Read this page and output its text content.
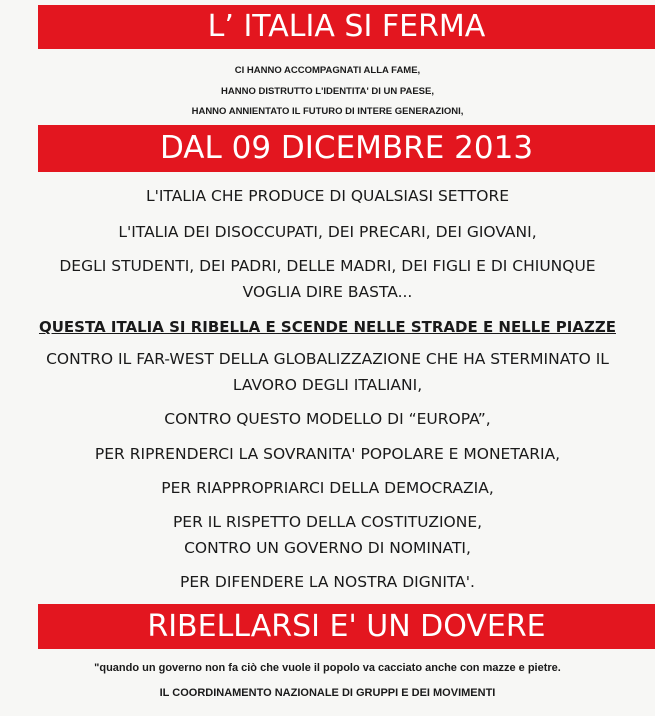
L’ ITALIA SI FERMA
CI HANNO ACCOMPAGNATI ALLA FAME,
HANNO DISTRUTTO L'IDENTITA' DI UN PAESE,
HANNO ANNIENTATO IL FUTURO DI INTERE GENERAZIONI,
DAL 09 DICEMBRE 2013
L'ITALIA CHE PRODUCE DI QUALSIASI SETTORE
L'ITALIA DEI DISOCCUPATI, DEI PRECARI, DEI GIOVANI,
DEGLI STUDENTI, DEI PADRI, DELLE MADRI, DEI FIGLI E DI CHIUNQUE
VOGLIA DIRE BASTA...
QUESTA ITALIA SI RIBELLA E SCENDE NELLE STRADE E NELLE PIAZZE
CONTRO IL FAR-WEST DELLA GLOBALIZZAZIONE CHE HA STERMINATO IL
LAVORO DEGLI ITALIANI,
CONTRO QUESTO MODELLO DI “EUROPA”,
PER RIPRENDERCI LA SOVRANITA' POPOLARE E MONETARIA,
PER RIAPPROPRIARCI DELLA DEMOCRAZIA,
PER IL RISPETTO DELLA COSTITUZIONE,
CONTRO UN GOVERNO DI NOMINATI,
PER DIFENDERE LA NOSTRA DIGNITA'.
RIBELLARSI E' UN DOVERE
"quando un governo non fa ciò che vuole il popolo va cacciato anche con mazze e pietre.
IL COORDINAMENTO NAZIONALE DI GRUPPI E DEI MOVIMENTI
